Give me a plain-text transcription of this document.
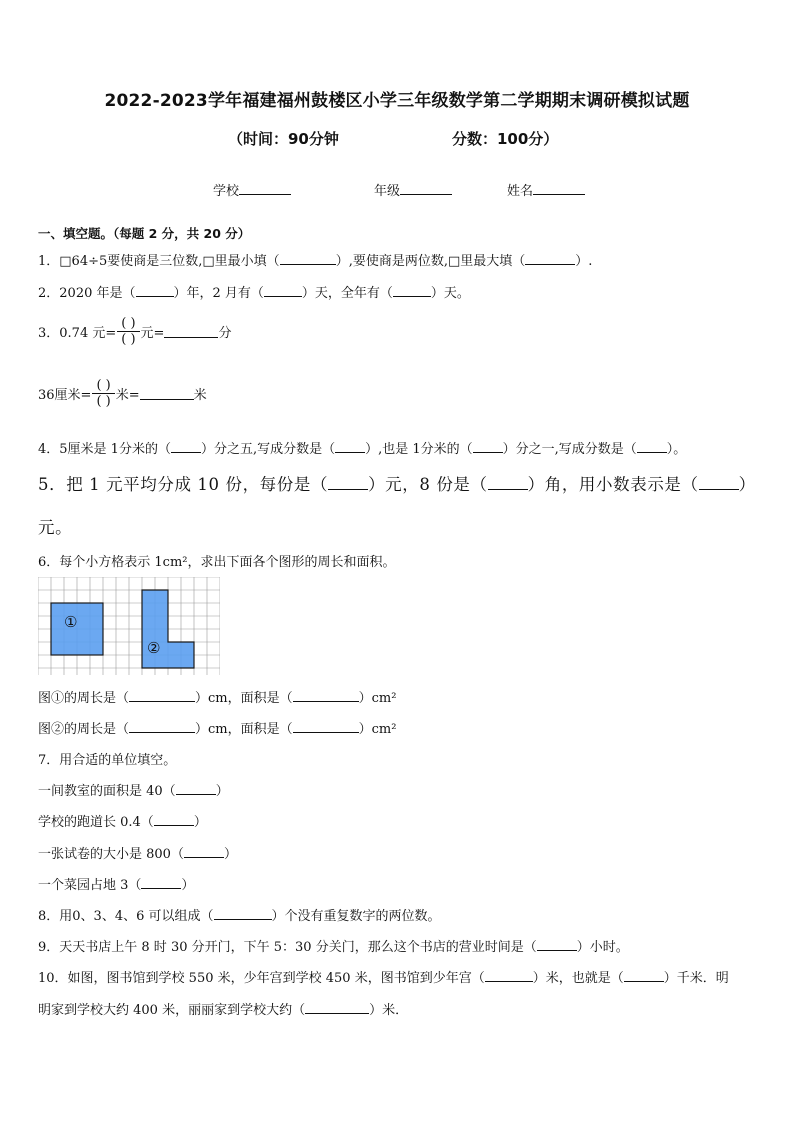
2022-2023学年福建福州鼓楼区小学三年级数学第二学期期末调研模拟试题
（时间：90分钟	分数：100分）
学校	年级	姓名
一、填空题。（每题 2 分，共 20 分）
1．□64÷5要使商是三位数,□里最小填（	）,要使商是两位数,□里最大填（	）.
2．2020 年是（	）年，2 月有（	）天，全年有（	）天。
3．0.74 元= $\frac{( )}{( )}$ 元=	分
36厘米= $\frac{( )}{( )}$ 米=	米
4．5厘米是 1分米的（ ）分之五,写成分数是（ ）,也是 1分米的（ ）分之一,写成分数是（ ）。
5．把 1 元平均分成 10 份，每份是（ ）元，8 份是（ ）角，用小数表示是（ ）
元。
6．每个小方格表示 1cm²，求出下面各个图形的周长和面积。
①
②
图①的周长是（	）cm，面积是（	）cm²
图②的周长是（	）cm，面积是（	）cm²
7．用合适的单位填空。
一间教室的面积是 40（	）
学校的跑道长 0.4（	）
一张试卷的大小是 800（	）
一个菜园占地 3（	）
8．用0、3、4、6 可以组成（	）个没有重复数字的两位数。
9．天天书店上午 8 时 30 分开门，下午 5：30 分关门，那么这个书店的营业时间是（	）小时。
10．如图，图书馆到学校 550 米，少年宫到学校 450 米，图书馆到少年宫（	）米，也就是（	）千米．明
明家到学校大约 400 米，丽丽家到学校大约（	）米．
